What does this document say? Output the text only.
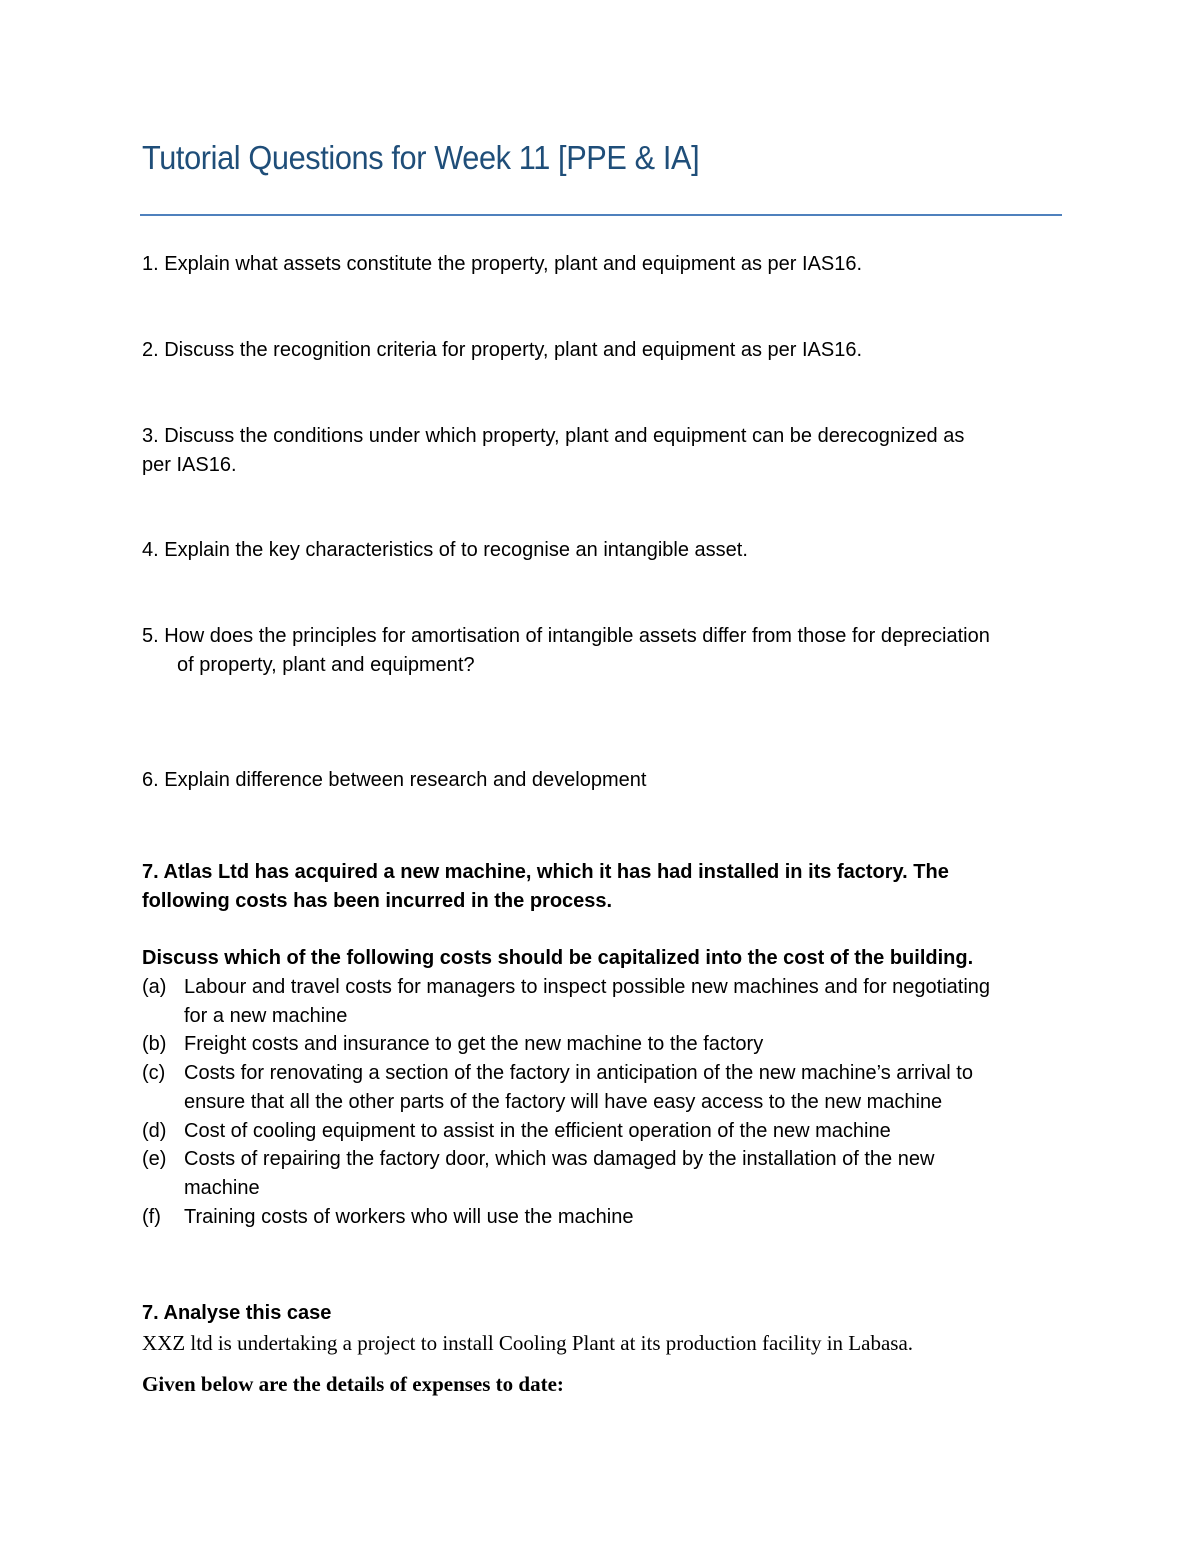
Tutorial Questions for Week 11 [PPE & IA]
1. Explain what assets constitute the property, plant and equipment as per IAS16.
2. Discuss the recognition criteria for property, plant and equipment as per IAS16.
3. Discuss the conditions under which property, plant and equipment can be derecognized as
per IAS16.
4. Explain the key characteristics of to recognise an intangible asset.
5. How does the principles for amortisation of intangible assets differ from those for depreciation
of property, plant and equipment?
6. Explain difference between research and development
7. Atlas Ltd has acquired a new machine, which it has had installed in its factory. The
following costs has been incurred in the process.
Discuss which of the following costs should be capitalized into the cost of the building.
(a) Labour and travel costs for managers to inspect possible new machines and for negotiating
for a new machine
(b) Freight costs and insurance to get the new machine to the factory
(c) Costs for renovating a section of the factory in anticipation of the new machine’s arrival to
ensure that all the other parts of the factory will have easy access to the new machine
(d) Cost of cooling equipment to assist in the efficient operation of the new machine
(e) Costs of repairing the factory door, which was damaged by the installation of the new
machine
(f) Training costs of workers who will use the machine
7. Analyse this case
XXZ ltd is undertaking a project to install Cooling Plant at its production facility in Labasa.
Given below are the details of expenses to date:
